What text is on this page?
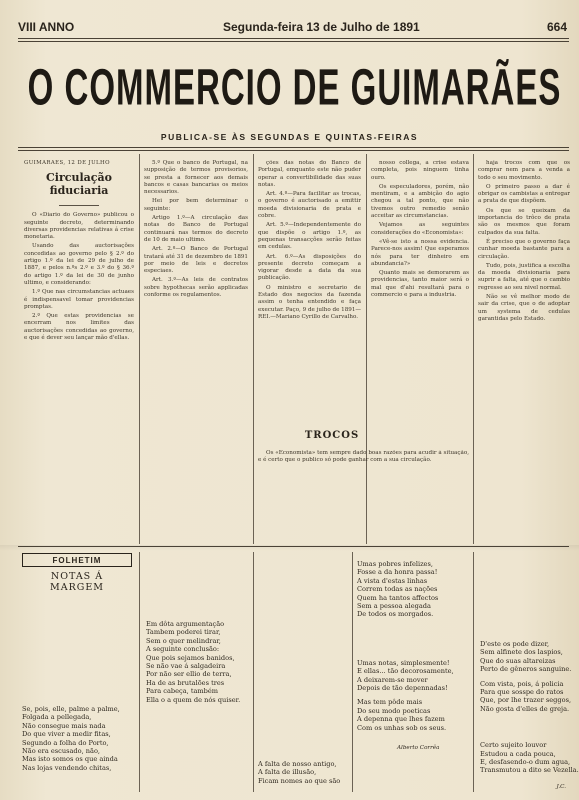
VIII ANNO	Segunda-feira 13 de Julho de 1891	664
O COMMERCIO DE GUIMARÃES
PUBLICA-SE ÀS SEGUNDAS E QUINTAS-FEIRAS

GUIMARÃES, 12 DE JULHO

Circulação fiduciaria

O «Diario do Governo» publicou o seguinte decreto, determinando diversas providencias relativas á crise monetaria.

Usando das auctorisações concedidas ao governo pelo § 2.º do artigo 1.º da lei de 29 de julho de 1887, e pelos n.ºs 2.º e 3.º do § 36.º do artigo 1.º da lei de 30 de junho ultimo, e considerando:

1.º Que nas circumstancias actuaes é indispensavel tomar providencias promptas.

2.º Que estas providencias se encerram nos limites das auctorisações concedidas ao governo, e que é dever seu lançar mão d'ellas.

5.º Que o banco de Portugal, na supposição de termos provisorios, se presta a fornecer aos demais bancos e casas bancarias os meios necessarios.

Hei por bem determinar o seguinte:

Artigo 1.º—A circulação das notas do Banco de Portugal continuará nas termos do decreto de 10 de maio ultimo.

Art. 2.º—O Banco de Portugal tratará até 31 de dezembro de 1891 por meio de leis e decretos especiaes.

Art. 3.º—As leis de contratos sobre hypothecas serão applicadas conforme os regulamentos.

ções das notas do Banco de Portugal, emquanto este não puder operar a convertibilidade das suas notas.

Art. 4.º—Para facilitar as trocas, o governo é auctorisado a emittir moeda divisionaria de prata e cobre.

Art. 5.º—Independentemente do que dispõe o artigo 1.º, as pequenas transacções serão feitas em cedulas.

Art. 6.º—As disposições do presente decreto começam a vigorar desde a data da sua publicação.

O ministro e secretario de Estado dos negocios da fazenda assim o tenha entendido e faça executar. Paço, 9 de julho de 1891—REI.—Mariano Cyrillo de Carvalho.

nosso collega, a crise estava completa, pois ninguem tinha ouro.

Os especuladores, porém, não mentiram, e a ambição do agio chegou a tal ponto, que não tivemos outro remedio senão acceitar as circumstancias.

Vejamos as seguintes considerações do «Economista»:

«Vê-se isto a nossa evidencia. Parece-nos assim! Que esperamos nós para ter dinheiro em abundancia?»

Quanto mais se demorarem as providencias, tanto maior será o mal que d'ahi resultará para o commercio e para a industria.

TROCOS

Os «Economista» tem sempre dado boas razões para acudir á situação, e é certo que o publico só pode ganhar com a sua circulação.

haja trocos com que os comprar nem para a venda a todo o seu movimento.

O primeiro passo a dar é obrigar os cambistas a entregar a prata de que dispõem.

Os que se queixam da importancia do trôco de prata são os mesmos que foram culpados da sua falta.

É preciso que o governo faça cunhar moeda bastante para a circulação.

Tudo, pois, justifica a escolha da moeda divisionaria para suprir a falta, até que o cambio regresse ao seu nivel normal.

Não se vê melhor modo de sair da crise, que o de adoptar um systema de cedulas garantidas pelo Estado.

FOLHETIM
NOTAS Á MARGEM
Se, pois, elle, palme a palme,
Folgada a pellegada,
Não consegue mais nada
Do que viver a medir fitas,
Segundo a folha do Porto,
Não era escusado, não,
Mas isto somos os que ainda
Nas lojas vendendo chitas,
Em dôta argumentação
Tambem poderei tirar,
Sem o quer melindrar,
A seguinte conclusão:
Que pois sejamos banidos,
Se não vae á salgadeira
Por não ser ellio de terra,
Ha de as brutalões tres
Para cabeça, também
Ella o a quem de nós quiser.
A falta de nosso antigo,
A falta de illusão,
Ficam nomes ao que são
Umas pobres infelizes,
Fosse a da honra passa!
A vista d'estas linhas
Correm todas as nações
Quem ha tantos affectos
Sem a pessoa alegada
De todos os morgados.
Umas notas, simplesmente!
E ellas... tão decorosamente,
A deixarem-se mover
Depois de tão depennadas!
Mas tem pôde mais
Do seu modo poeticas
A depenna que lhes fazem
Com os unhas sob os seus.
Alberto Corrêa
D'este os pode dizer,
Sem alfinete dos laspios,
Que do suas altareizas
Perto de gêneros sanguine.
Com vista, pois, á policia
Para que sosspe do ratos
Que, por lhe trazer seggos,
Não gosta d'elles de greja.
Certo sujeito louvor
Estudou a cada pouca,
E, desfasendo-o dum agua,
Transmutou a dito se Vezella.
J.C.
